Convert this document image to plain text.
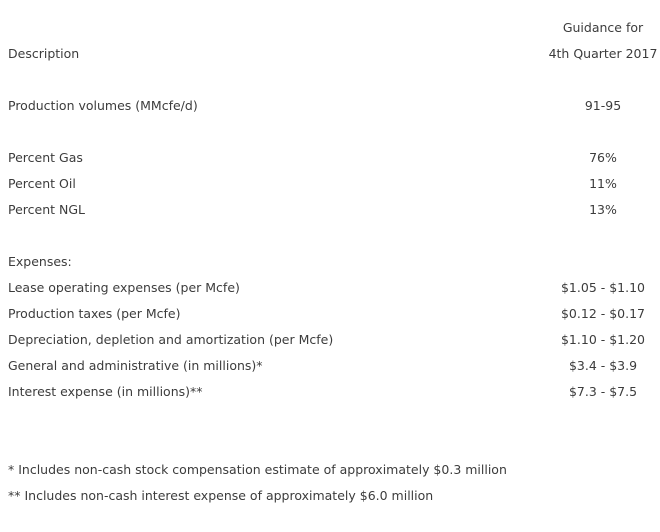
Guidance for
Description	4th Quarter 2017
Production volumes (MMcfe/d)	91-95
Percent Gas	76%
Percent Oil	11%
Percent NGL	13%
Expenses:
Lease operating expenses (per Mcfe)	$1.05 - $1.10
Production taxes (per Mcfe)	$0.12 - $0.17
Depreciation, depletion and amortization (per Mcfe)	$1.10 - $1.20
General and administrative (in millions)*	$3.4 - $3.9
Interest expense (in millions)**	$7.3 - $7.5
* Includes non-cash stock compensation estimate of approximately $0.3 million
** Includes non-cash interest expense of approximately $6.0 million
